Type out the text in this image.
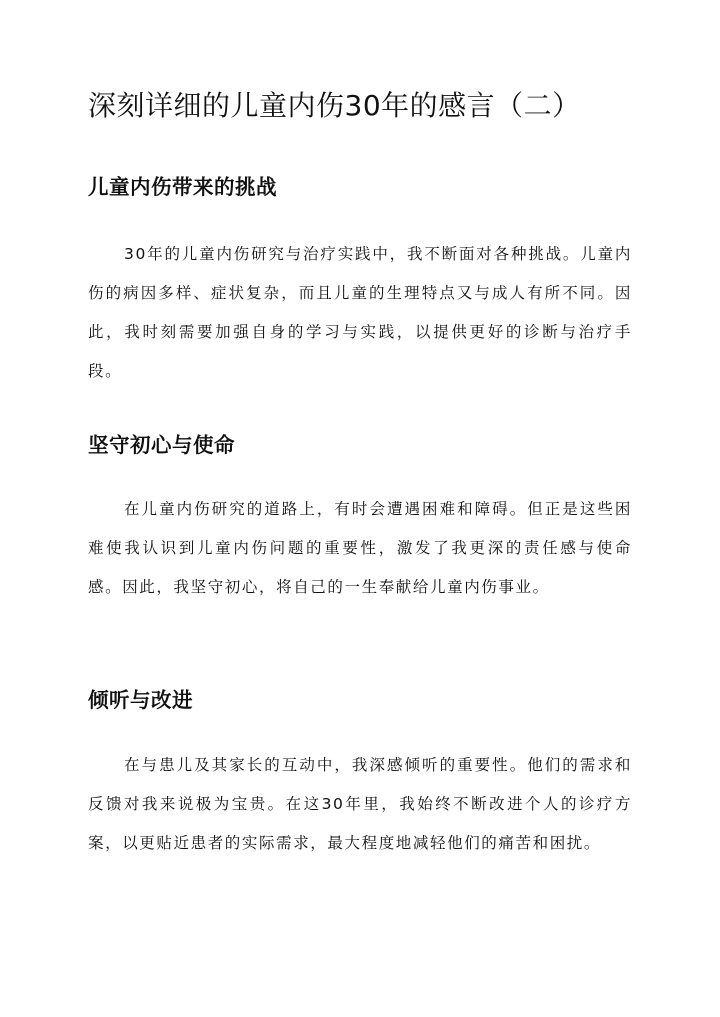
深刻详细的儿童内伤30年的感言（二）
儿童内伤带来的挑战

30年的儿童内伤研究与治疗实践中，我不断面对各种挑战。儿童内伤的病因多样、症状复杂，而且儿童的生理特点又与成人有所不同。因此，我时刻需要加强自身的学习与实践，以提供更好的诊断与治疗手段。

坚守初心与使命

在儿童内伤研究的道路上，有时会遭遇困难和障碍。但正是这些困难使我认识到儿童内伤问题的重要性，激发了我更深的责任感与使命感。因此，我坚守初心，将自己的一生奉献给儿童内伤事业。

倾听与改进

在与患儿及其家长的互动中，我深感倾听的重要性。他们的需求和反馈对我来说极为宝贵。在这30年里，我始终不断改进个人的诊疗方案，以更贴近患者的实际需求，最大程度地减轻他们的痛苦和困扰。
